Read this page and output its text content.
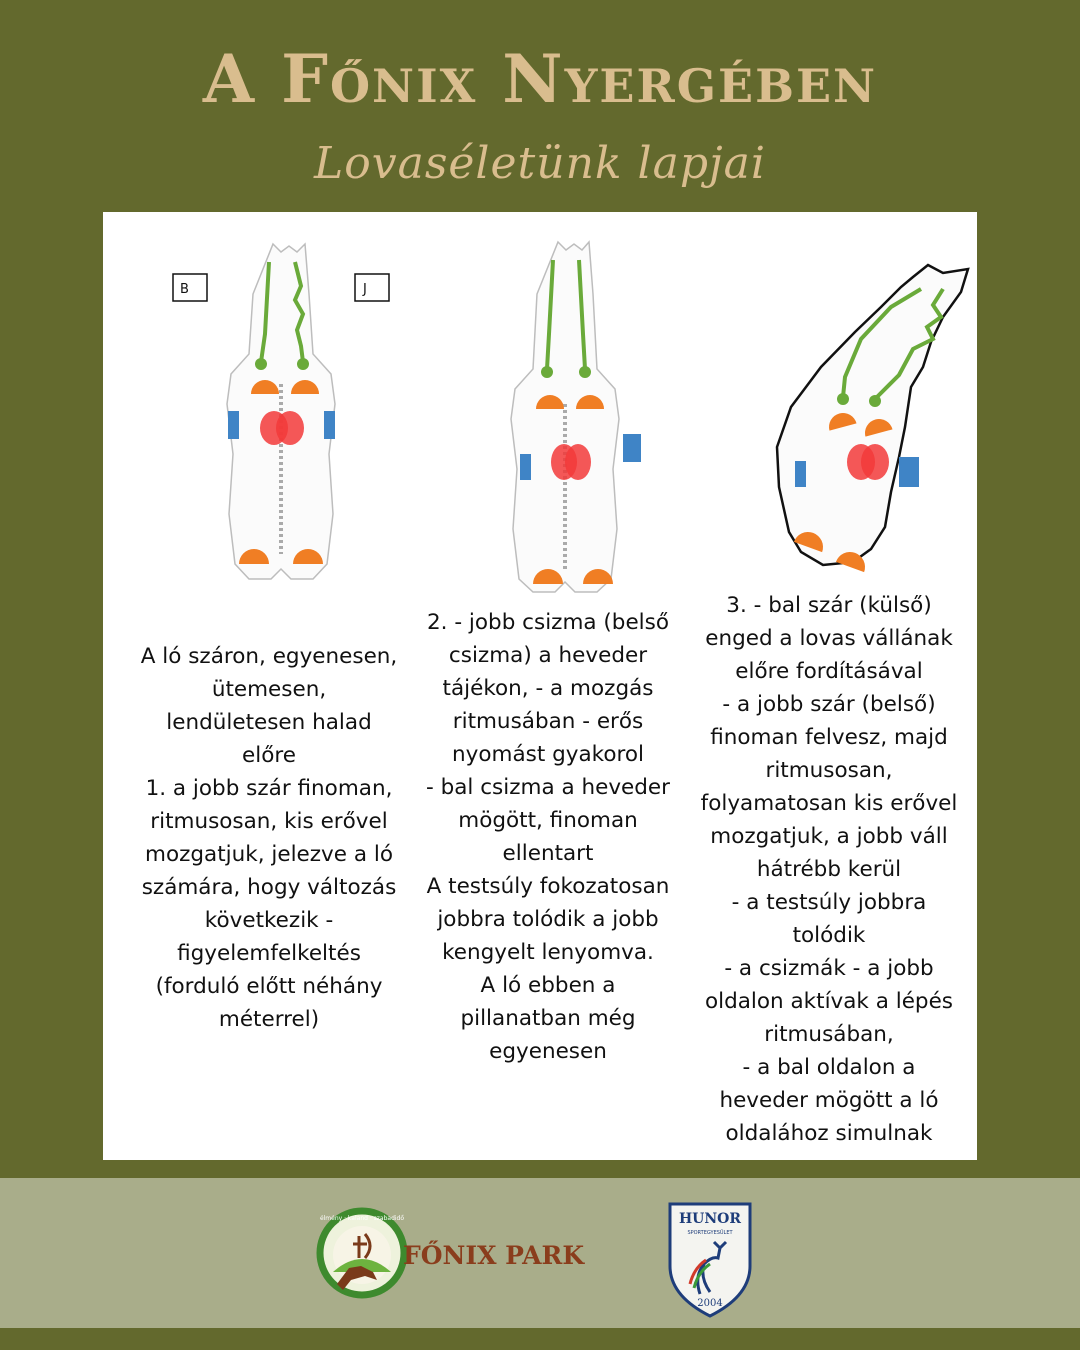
A Főnix Nyergében
Lovaséletünk lapjai
B	J
A ló száron, egyenesen,
ütemesen,
lendületesen halad
előre
1. a jobb szár finoman,
ritmusosan, kis erővel
mozgatjuk, jelezve a ló
számára, hogy változás
következik -
figyelemfelkeltés
(forduló előtt néhány
méterrel)
2. - jobb csizma (belső
csizma) a heveder
tájékon, - a mozgás
ritmusában - erős
nyomást gyakorol
- bal csizma a heveder
mögött, finoman
ellentart
A testsúly fokozatosan
jobbra tolódik a jobb
kengyelt lenyomva.
A ló ebben a
pillanatban még
egyenesen
3. - bal szár (külső)
enged a lovas vállának
előre fordításával
- a jobb szár (belső)
finoman felvesz, majd
ritmusosan,
folyamatosan kis erővel
mozgatjuk, a jobb váll
hátrébb kerül
- a testsúly jobbra
tolódik
- a csizmák - a jobb
oldalon aktívak a lépés
ritmusában,
- a bal oldalon a
heveder mögött a ló
oldalához simulnak
élmény · kaland · szabadidő
FŐNIX PARK
HUNOR
SPORTEGYESÜLET
2004
